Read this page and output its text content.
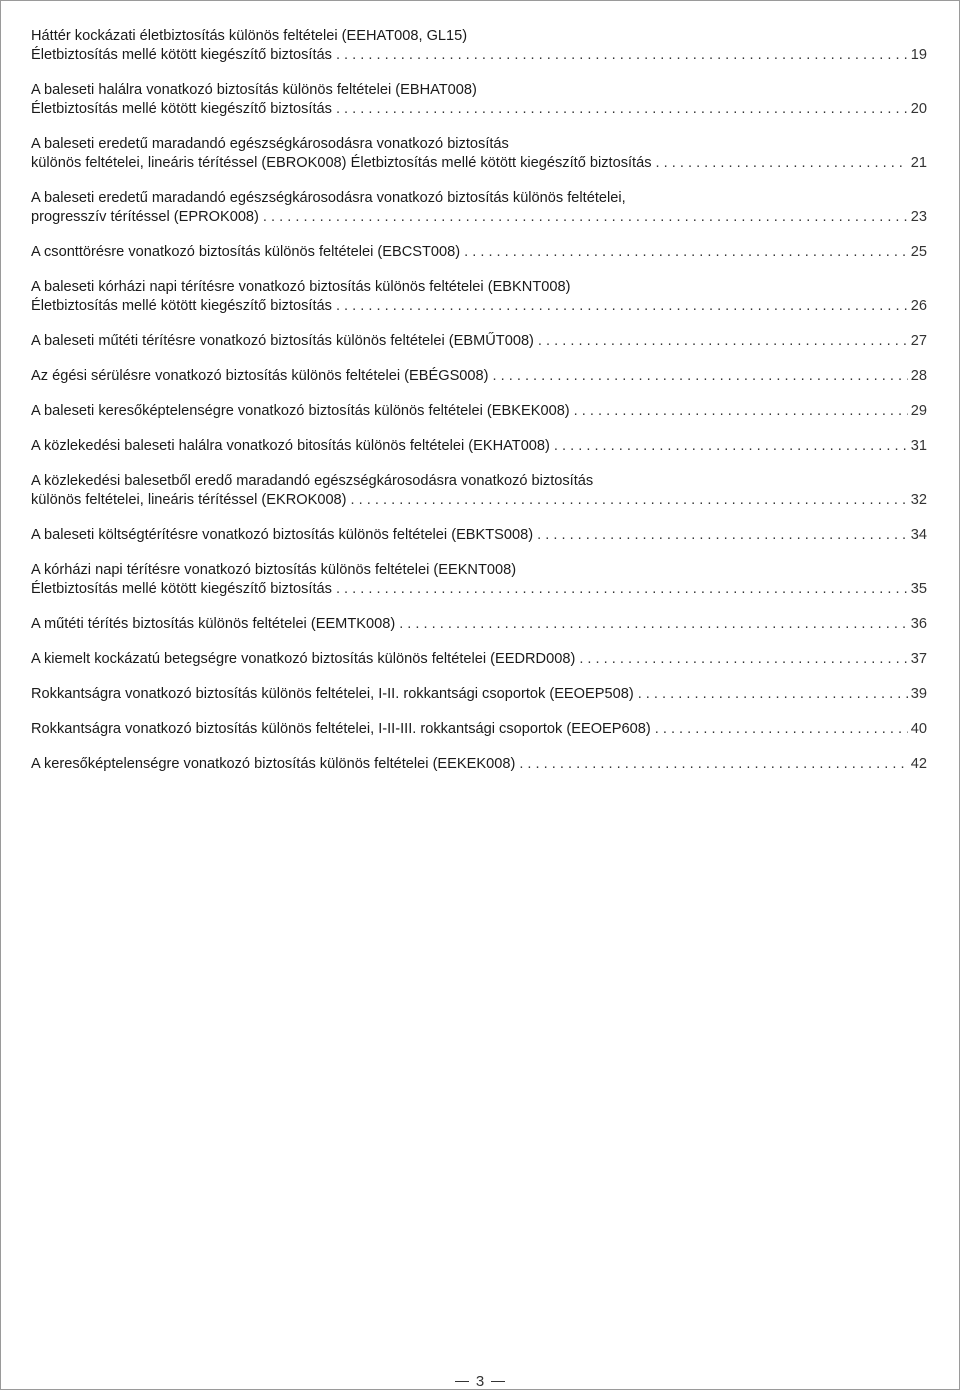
Háttér kockázati életbiztosítás különös feltételei (EEHAT008, GL15)
Életbiztosítás mellé kötött kiegészítő biztosítás . . .	19
A baleseti halálra vonatkozó biztosítás különös feltételei (EBHAT008)
Életbiztosítás mellé kötött kiegészítő biztosítás . . .	20
A baleseti eredetű maradandó egészségkárosodásra vonatkozó biztosítás
különös feltételei, lineáris térítéssel (EBROK008) Életbiztosítás mellé kötött kiegészítő biztosítás . . .	21
A baleseti eredetű maradandó egészségkárosodásra vonatkozó biztosítás különös feltételei,
progresszív térítéssel (EPROK008) . . .	23
A csonttörésre vonatkozó biztosítás különös feltételei (EBCST008) . . .	25
A baleseti kórházi napi térítésre vonatkozó biztosítás különös feltételei (EBKNT008)
Életbiztosítás mellé kötött kiegészítő biztosítás . . .	26
A baleseti műtéti térítésre vonatkozó biztosítás különös feltételei (EBMŰT008) . . .	27
Az égési sérülésre vonatkozó biztosítás különös feltételei (EBÉGS008) . . .	28
A baleseti keresőképtelenségre vonatkozó biztosítás különös feltételei (EBKEK008) . . .	29
A közlekedési baleseti halálra vonatkozó bitosítás különös feltételei (EKHAT008) . . .	31
A közlekedési balesetből eredő maradandó egészségkárosodásra vonatkozó biztosítás
különös feltételei, lineáris térítéssel (EKROK008) . . .	32
A baleseti költségtérítésre vonatkozó biztosítás különös feltételei (EBKTS008) . . .	34
A kórházi napi térítésre vonatkozó biztosítás különös feltételei (EEKNT008)
Életbiztosítás mellé kötött kiegészítő biztosítás . . .	35
A műtéti térítés biztosítás különös feltételei (EEMTK008) . . .	36
A kiemelt kockázatú betegségre vonatkozó biztosítás különös feltételei (EEDRD008) . . .	37
Rokkantságra vonatkozó biztosítás különös feltételei, I-II. rokkantsági csoportok (EEOEP508) . . .	39
Rokkantságra vonatkozó biztosítás különös feltételei, I-II-III. rokkantsági csoportok (EEOEP608) . . .	40
A keresőképtelenségre vonatkozó biztosítás különös feltételei (EEKEK008) . . .	42
3
